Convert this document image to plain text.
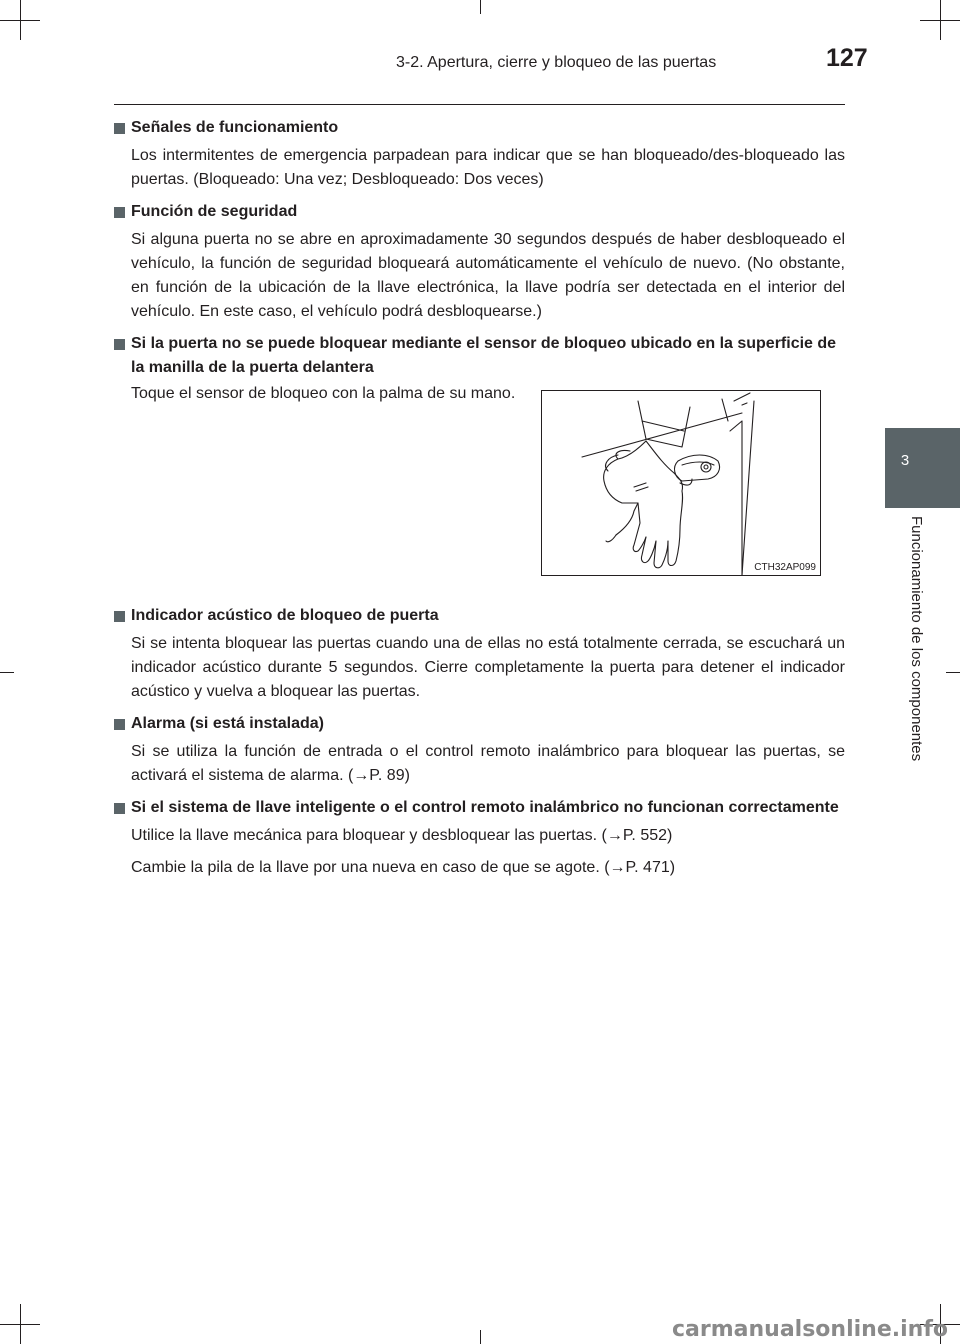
3-2. Apertura, cierre y bloqueo de las puertas	127
3
Funcionamiento de los componentes
Señales de funcionamiento
Los intermitentes de emergencia parpadean para indicar que se han bloqueado/des-bloqueado las puertas. (Bloqueado: Una vez; Desbloqueado: Dos veces)
Función de seguridad
Si alguna puerta no se abre en aproximadamente 30 segundos después de haber desbloqueado el vehículo, la función de seguridad bloqueará automáticamente el vehículo de nuevo. (No obstante, en función de la ubicación de la llave electrónica, la llave podría ser detectada en el interior del vehículo. En este caso, el vehículo podrá desbloquearse.)
Si la puerta no se puede bloquear mediante el sensor de bloqueo ubicado en la superficie de la manilla de la puerta delantera
Toque el sensor de bloqueo con la palma de su mano.
CTH32AP099
Indicador acústico de bloqueo de puerta
Si se intenta bloquear las puertas cuando una de ellas no está totalmente cerrada, se escuchará un indicador acústico durante 5 segundos. Cierre completamente la puerta para detener el indicador acústico y vuelva a bloquear las puertas.
Alarma (si está instalada)
Si se utiliza la función de entrada o el control remoto inalámbrico para bloquear las puertas, se activará el sistema de alarma. (→P. 89)
Si el sistema de llave inteligente o el control remoto inalámbrico no funcionan correctamente
Utilice la llave mecánica para bloquear y desbloquear las puertas. (→P. 552)
Cambie la pila de la llave por una nueva en caso de que se agote. (→P. 471)
carmanualsonline.info
